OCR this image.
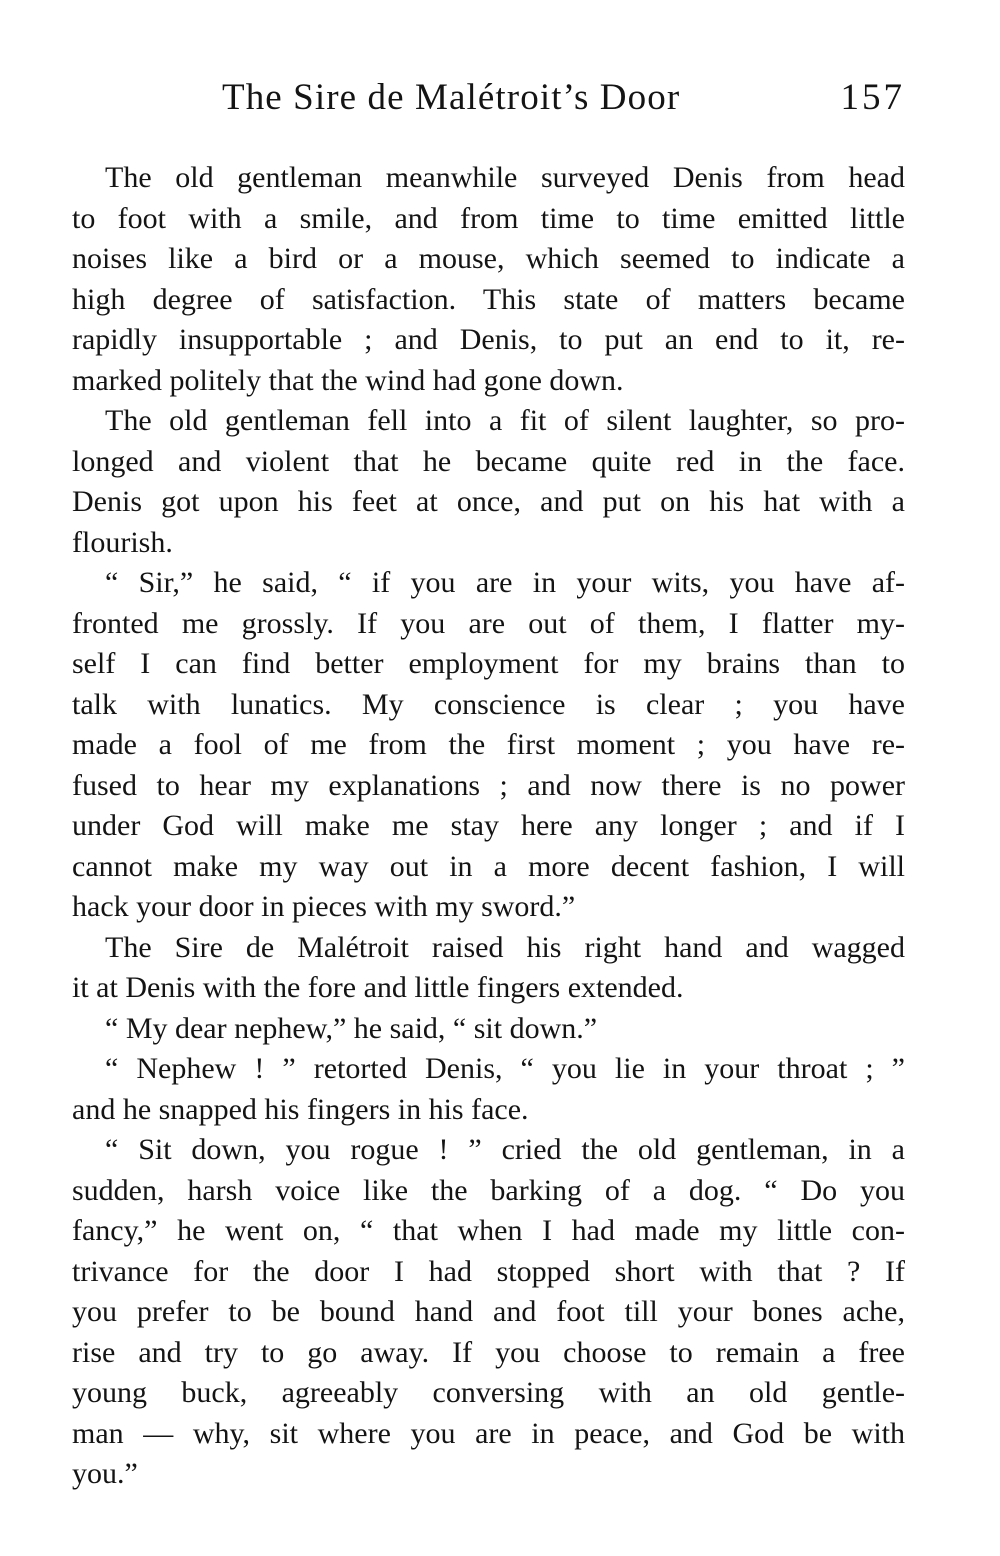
The Sire de Malétroit’s Door	157

The old gentleman meanwhile surveyed Denis from head
to foot with a smile, and from time to time emitted little
noises like a bird or a mouse, which seemed to indicate a
high degree of satisfaction. This state of matters became
rapidly insupportable ; and Denis, to put an end to it, re-
marked politely that the wind had gone down.

The old gentleman fell into a fit of silent laughter, so pro-
longed and violent that he became quite red in the face.
Denis got upon his feet at once, and put on his hat with a
flourish.

“ Sir,” he said, “ if you are in your wits, you have af-
fronted me grossly. If you are out of them, I flatter my-
self I can find better employment for my brains than to
talk with lunatics. My conscience is clear ; you have
made a fool of me from the first moment ; you have re-
fused to hear my explanations ; and now there is no power
under God will make me stay here any longer ; and if I
cannot make my way out in a more decent fashion, I will
hack your door in pieces with my sword.”

The Sire de Malétroit raised his right hand and wagged
it at Denis with the fore and little fingers extended.

“ My dear nephew,” he said, “ sit down.”

“ Nephew ! ” retorted Denis, “ you lie in your throat ; ”
and he snapped his fingers in his face.

“ Sit down, you rogue ! ” cried the old gentleman, in a
sudden, harsh voice like the barking of a dog. “ Do you
fancy,” he went on, “ that when I had made my little con-
trivance for the door I had stopped short with that ? If
you prefer to be bound hand and foot till your bones ache,
rise and try to go away. If you choose to remain a free
young buck, agreeably conversing with an old gentle-
man — why, sit where you are in peace, and God be with
you.”
